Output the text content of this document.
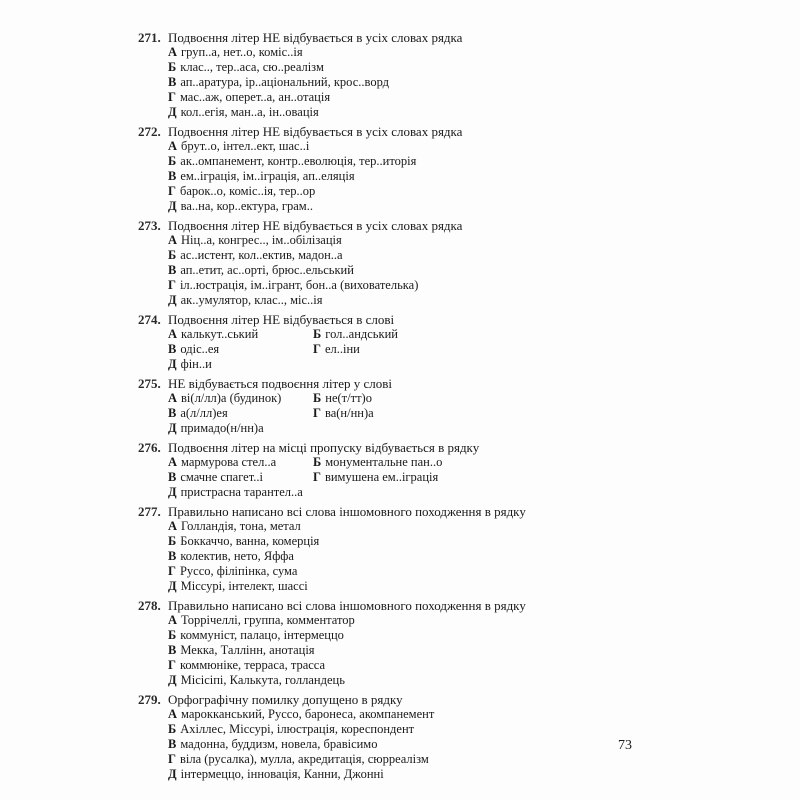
271. Подвоєння літер НЕ відбувається в усіх словах рядка
А груп..а, нет..о, коміс..ія
Б клас.., тер..аса, сю..реалізм
В ап..аратура, ір..аціональний, крос..ворд
Г мас..аж, оперет..а, ан..отація
Д кол..егія, ман..а, ін..овація
272. Подвоєння літер НЕ відбувається в усіх словах рядка
А брут..о, інтел..ект, шас..і
Б ак..омпанемент, контр..еволюція, тер..иторія
В ем..іграція, ім..іграція, ап..еляція
Г барок..о, коміс..ія, тер..ор
Д ва..на, кор..ектура, грам..
273. Подвоєння літер НЕ відбувається в усіх словах рядка
А Ніц..а, конгрес.., ім..обілізація
Б ас..истент, кол..ектив, мадон..а
В ап..етит, ас..орті, брюс..ельський
Г іл..юстрація, ім..ігрант, бон..а (вихователька)
Д ак..умулятор, клас.., міс..ія
274. Подвоєння літер НЕ відбувається в слові
А калькут..ський	Б гол..андський
В одіс..ея	Г ел..іни
Д фін..и
275. НЕ відбувається подвоєння літер у слові
А ві(л/лл)а (будинок)	Б не(т/тт)о
В а(л/лл)ея	Г ва(н/нн)а
Д примадо(н/нн)а
276. Подвоєння літер на місці пропуску відбувається в рядку
А мармурова стел..а	Б монументальне пан..о
В смачне спагет..і	Г вимушена ем..іграція
Д пристрасна тарантел..а
277. Правильно написано всі слова іншомовного походження в рядку
А Голландія, тона, метал
Б Боккаччо, ванна, комерція
В колектив, нето, Яффа
Г Руссо, філіпінка, сума
Д Міссурі, інтелект, шассі
278. Правильно написано всі слова іншомовного походження в рядку
А Торрічеллі, группа, комментатор
Б коммуніст, палацо, інтермеццо
В Мекка, Таллінн, анотація
Г коммюніке, терраса, трасса
Д Місісіпі, Калькута, голландець
279. Орфографічну помилку допущено в рядку
А марокканський, Руссо, баронеса, акомпанемент
Б Ахіллес, Міссурі, ілюстрація, кореспондент
В мадонна, буддизм, новела, бравісимо
Г віла (русалка), мулла, акредитація, сюрреалізм
Д інтермеццо, інновація, Канни, Джонні
73
